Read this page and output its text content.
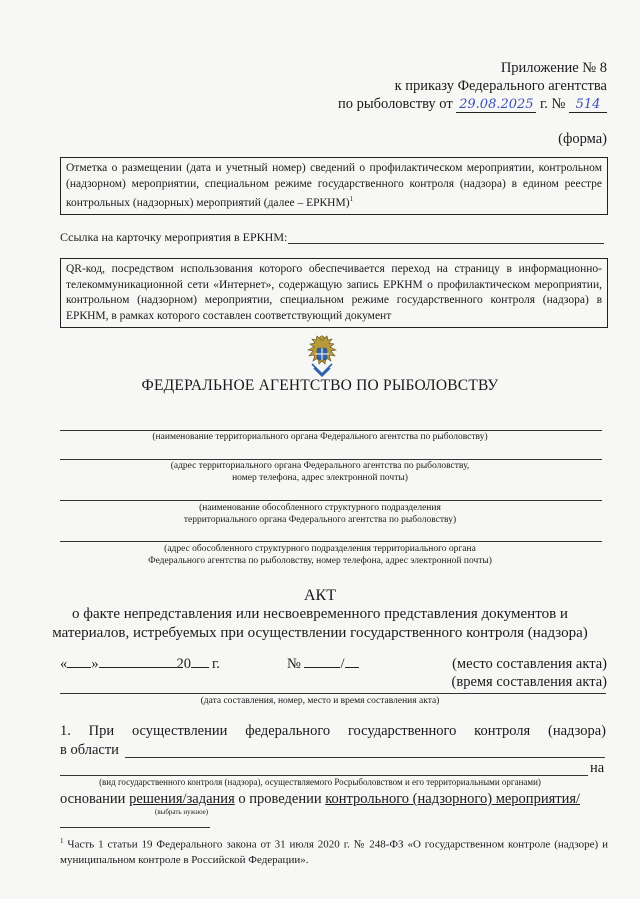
Приложение № 8
к приказу Федерального агентства
по рыболовству от 29.08.2025 г. № 514
(форма)
Отметка о размещении (дата и учетный номер) сведений о профилактическом мероприятии, контрольном (надзорном) мероприятии, специальном режиме государственного контроля (надзора) в едином реестре контрольных (надзорных) мероприятий (далее – ЕРКНМ)$^1$
Ссылка на карточку мероприятия в ЕРКНМ:
QR-код, посредством использования которого обеспечивается переход на страницу в информационно-телекоммуникационной сети «Интернет», содержащую запись ЕРКНМ о профилактическом мероприятии, контрольном (надзорном) мероприятии, специальном режиме государственного контроля (надзора) в ЕРКНМ, в рамках которого составлен соответствующий документ
ФЕДЕРАЛЬНОЕ АГЕНТСТВО ПО РЫБОЛОВСТВУ
(наименование территориального органа Федерального агентства по рыболовству)
(адрес территориального органа Федерального агентства по рыболовству,
номер телефона, адрес электронной почты)
(наименование обособленного структурного подразделения
территориального органа Федерального агентства по рыболовству)
(адрес обособленного структурного подразделения территориального органа
Федерального агентства по рыболовству, номер телефона, адрес электронной почты)
АКТ
о факте непредставления или несвоевременного представления документов и
материалов, истребуемых при осуществлении государственного контроля (надзора)
« »	20 г.	№	/	(место составления акта)
(время составления акта)
(дата составления, номер, место и время составления акта)
1. При осуществлении федерального государственного контроля (надзора)
в области
на
(вид государственного контроля (надзора), осуществляемого Росрыболовством и его территориальными органами)
основании решения/задания о проведении контрольного (надзорного) мероприятия/
(выбрать нужное)
$^1$ Часть 1 статьи 19 Федерального закона от 31 июля 2020 г. № 248-ФЗ «О государственном контроле (надзоре) и муниципальном контроле в Российской Федерации».
